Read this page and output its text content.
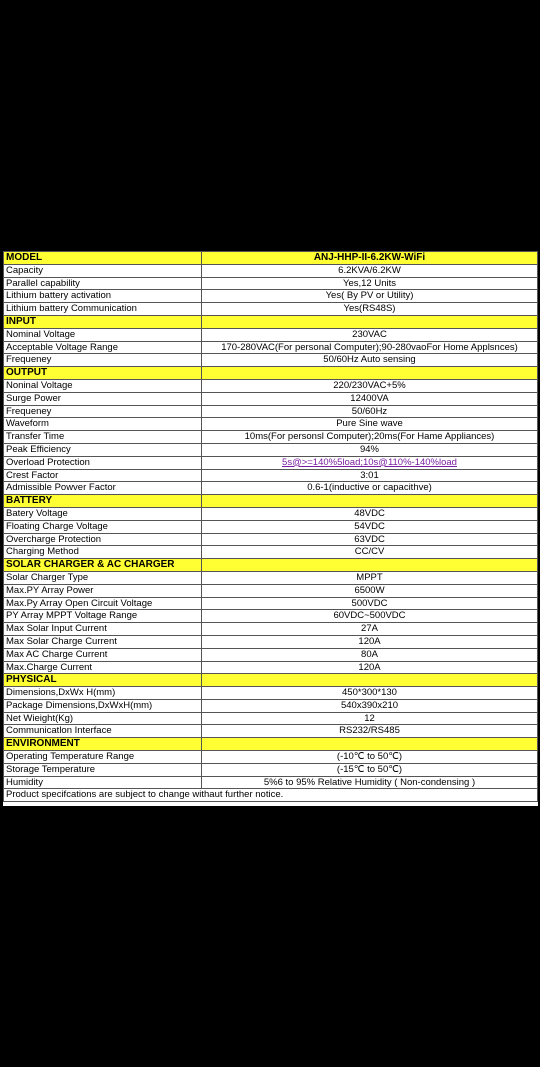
MODEL	ANJ-HHP-II-6.2KW-WiFi
Capacity	6.2KVA/6.2KW
Parallel capability	Yes,12 Units
Lithium battery activation	Yes( By PV or Utility)
Lithium battery Communication	Yes(RS48S)
INPUT	
Nominal Voltage	230VAC
Acceptable Voltage Range	170-280VAC(For personal Computer);90-280vaoFor Home Applsnces)
Frequeney	50/60Hz Auto sensing
OUTPUT	
Noninal Voltage	220/230VAC+5%
Surge Power	12400VA
Frequeney	50/60Hz
Waveform	Pure Sine wave
Transfer Time	10ms(For personsl Computer);20ms(For Hame Appliances)
Peak Efficiency	94%
Overload Protection	5s@>=140%5load;10s@110%-140%load
Crest Factor	3:01
Admissible Powver Factor	0.6-1(inductive or capacithve)
BATTERY	
Batery Voltage	48VDC
Floating Charge Voltage	54VDC
Overcharge Protection	63VDC
Charging Method	CC/CV
SOLAR CHARGER & AC CHARGER	
Solar Charger Type	MPPT
Max.PY Array Power	6500W
Max.Py Array Open Circuit Voltage	500VDC
PY Array MPPT Voltage Range	60VDC~500VDC
Max Solar Input Current	27A
Max Solar Charge Current	120A
Max AC Charge Current	80A
Max.Charge Current	120A
PHYSICAL	
Dimensions,DxWx H(mm)	450*300*130
Package Dimensions,DxWxH(mm)	540x390x210
Net Wieight(Kg)	12
Communicatlon Interface	RS232/RS485
ENVIRONMENT	
Operating Temperature Range	(-10℃ to 50℃)
Storage Temperature	(-15℃ to 50℃)
Humidity	5%6 to 95% Relative Humidity ( Non-condensing )
Product specifcations are subject to change withaut further notice.	
